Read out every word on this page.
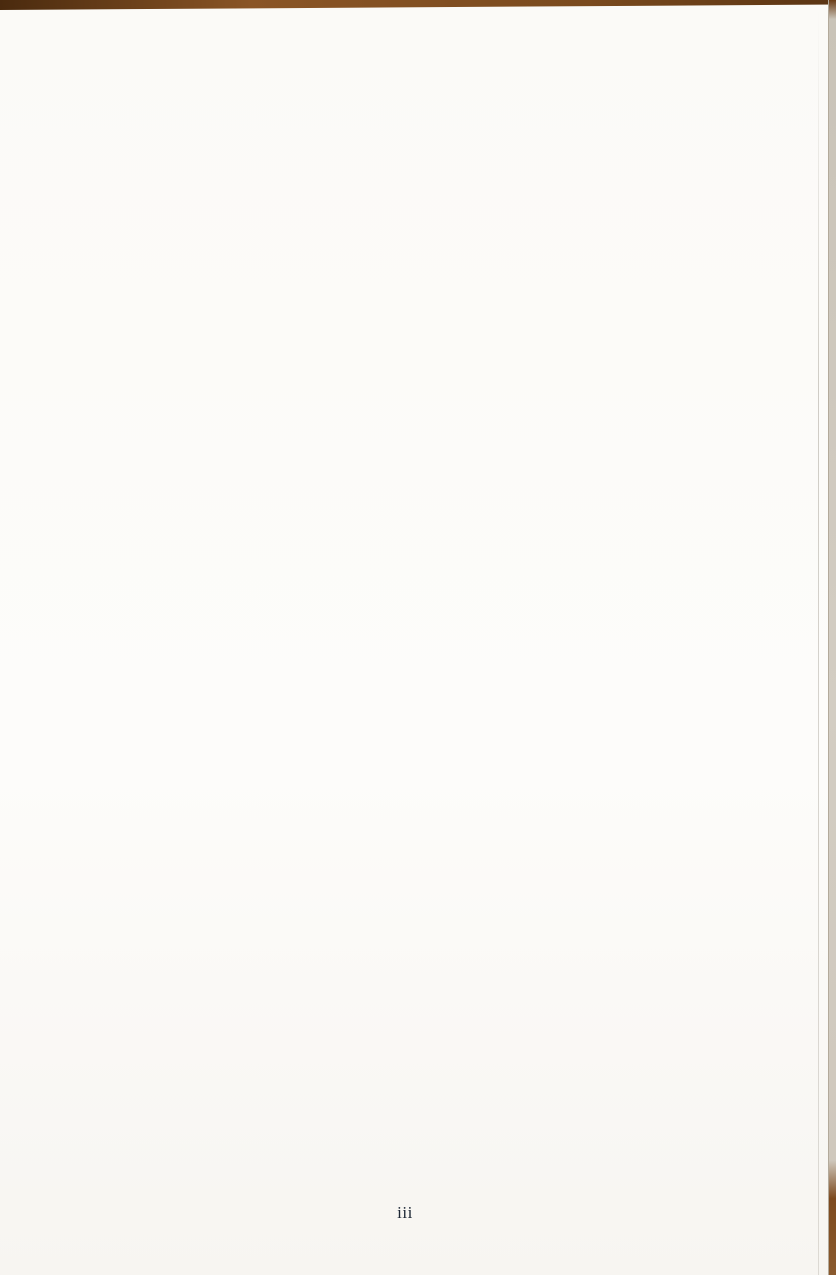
iii
